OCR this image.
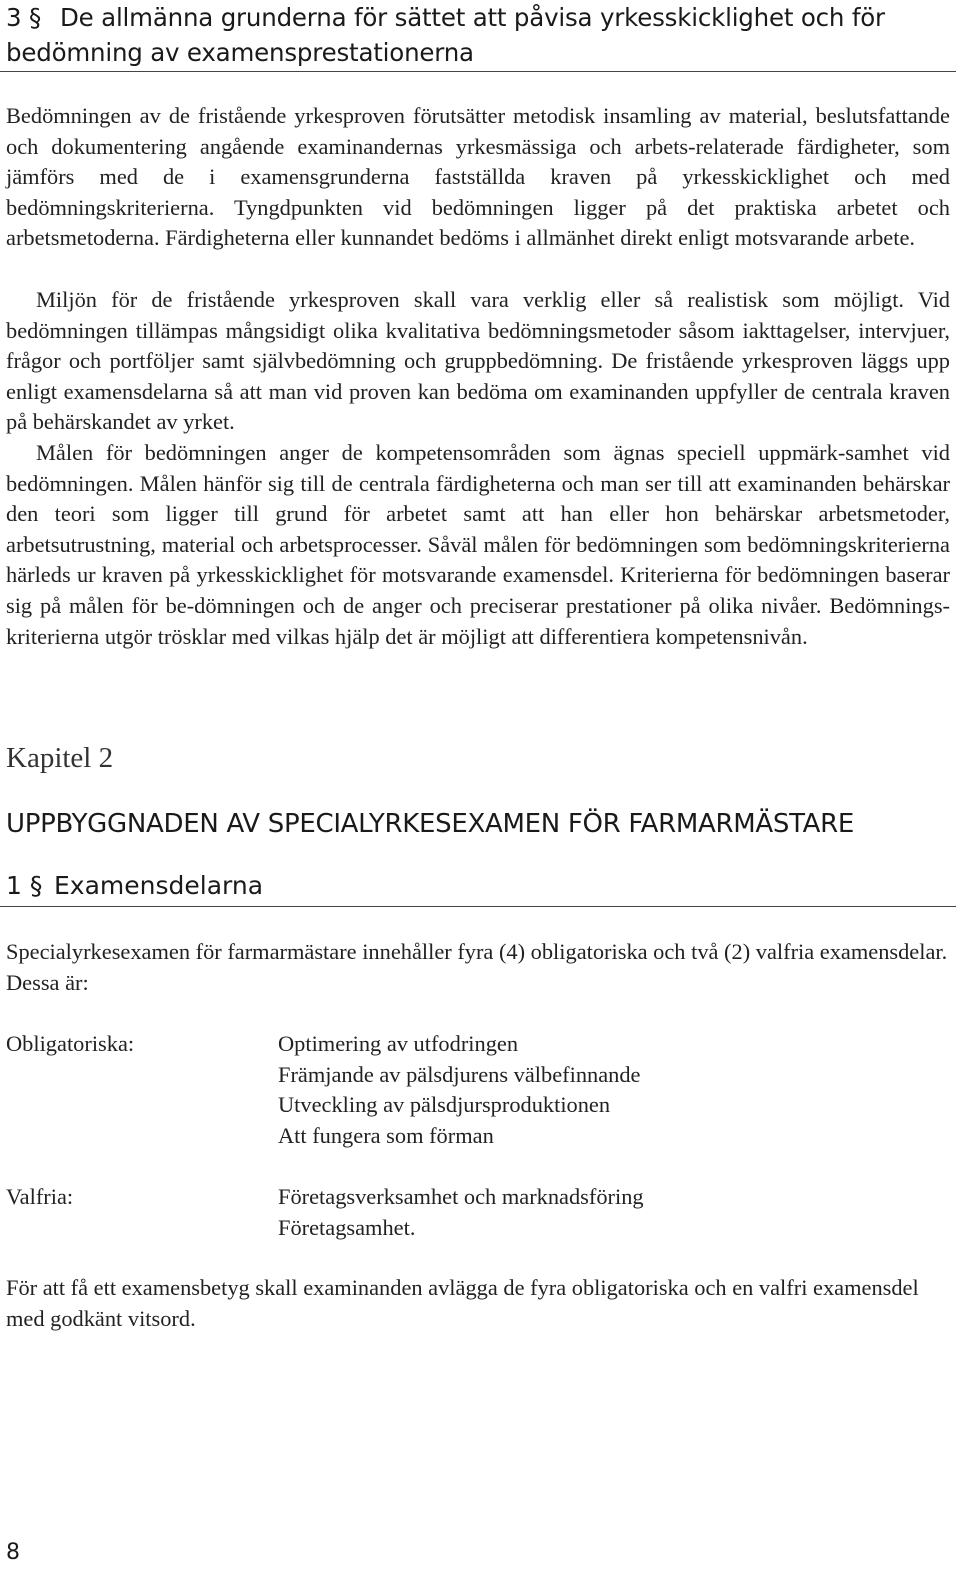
3 § De allmänna grunderna för sättet att påvisa yrkesskicklighet och för bedömning av examensprestationerna

Bedömningen av de fristående yrkesproven förutsätter metodisk insamling av material, beslutsfattande och dokumentering angående examinandernas yrkesmässiga och arbets-relaterade färdigheter, som jämförs med de i examensgrunderna fastställda kraven på yrkesskicklighet och med bedömningskriterierna. Tyngdpunkten vid bedömningen ligger på det praktiska arbetet och arbetsmetoderna. Färdigheterna eller kunnandet bedöms i allmänhet direkt enligt motsvarande arbete.

Miljön för de fristående yrkesproven skall vara verklig eller så realistisk som möjligt. Vid bedömningen tillämpas mångsidigt olika kvalitativa bedömningsmetoder såsom iakttagelser, intervjuer, frågor och portföljer samt självbedömning och gruppbedömning. De fristående yrkesproven läggs upp enligt examensdelarna så att man vid proven kan bedöma om examinanden uppfyller de centrala kraven på behärskandet av yrket.

Målen för bedömningen anger de kompetensområden som ägnas speciell uppmärk-samhet vid bedömningen. Målen hänför sig till de centrala färdigheterna och man ser till att examinanden behärskar den teori som ligger till grund för arbetet samt att han eller hon behärskar arbetsmetoder, arbetsutrustning, material och arbetsprocesser. Såväl målen för bedömningen som bedömningskriterierna härleds ur kraven på yrkesskicklighet för motsvarande examensdel. Kriterierna för bedömningen baserar sig på målen för be-dömningen och de anger och preciserar prestationer på olika nivåer. Bedömnings-kriterierna utgör trösklar med vilkas hjälp det är möjligt att differentiera kompetensnivån.

Kapitel 2
UPPBYGGNADEN AV SPECIALYRKESEXAMEN FÖR FARMARMÄSTARE
1 § Examensdelarna

Specialyrkesexamen för farmarmästare innehåller fyra (4) obligatoriska och två (2) valfria examensdelar. Dessa är:

Obligatoriska:	Optimering av utfodringen
Främjande av pälsdjurens välbefinnande
Utveckling av pälsdjursproduktionen
Att fungera som förman
Valfria:	Företagsverksamhet och marknadsföring
Företagsamhet.

För att få ett examensbetyg skall examinanden avlägga de fyra obligatoriska och en valfri examensdel med godkänt vitsord.

8
